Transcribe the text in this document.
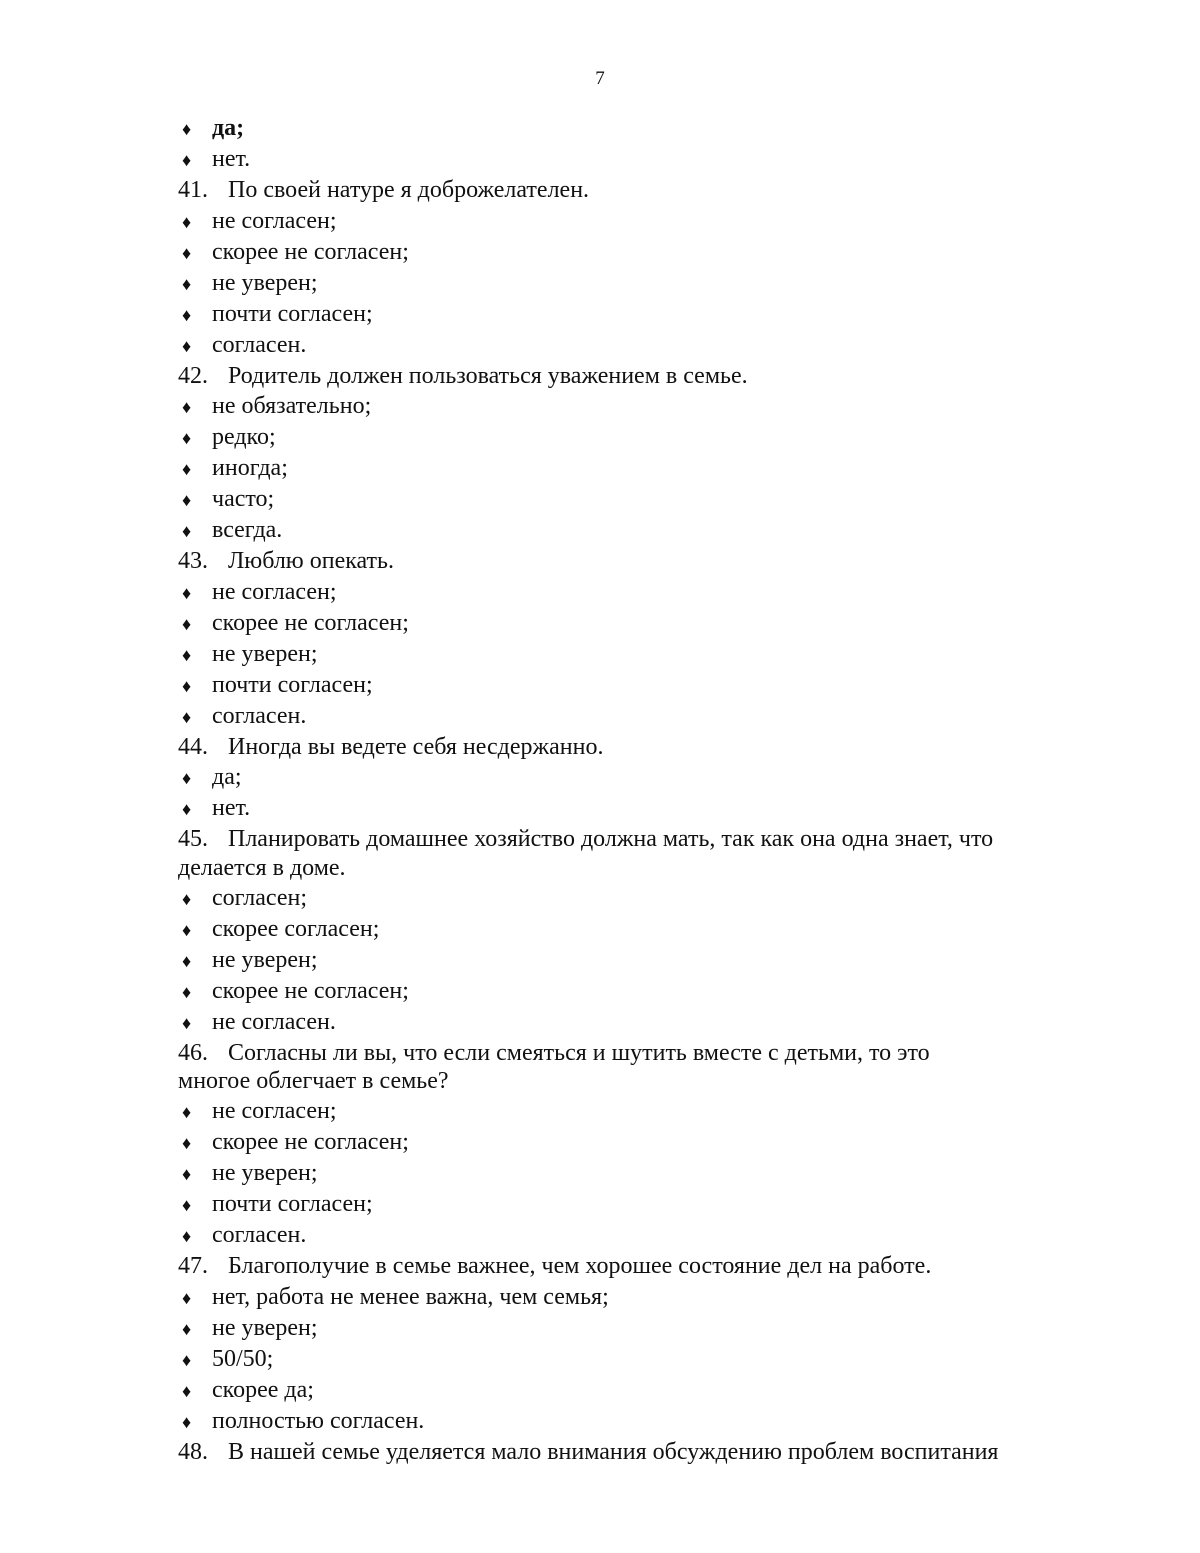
7
♦ да;
♦ нет.
41. По своей натуре я доброжелателен.
♦ не согласен;
♦ скорее не согласен;
♦ не уверен;
♦ почти согласен;
♦ согласен.
42. Родитель должен пользоваться уважением в семье.
♦ не обязательно;
♦ редко;
♦ иногда;
♦ часто;
♦ всегда.
43. Люблю опекать.
♦ не согласен;
♦ скорее не согласен;
♦ не уверен;
♦ почти согласен;
♦ согласен.
44. Иногда вы ведете себя несдержанно.
♦ да;
♦ нет.
45. Планировать домашнее хозяйство должна мать, так как она одна знает, что
делается в доме.
♦ согласен;
♦ скорее согласен;
♦ не уверен;
♦ скорее не согласен;
♦ не согласен.
46. Согласны ли вы, что если смеяться и шутить вместе с детьми, то это
многое облегчает в семье?
♦ не согласен;
♦ скорее не согласен;
♦ не уверен;
♦ почти согласен;
♦ согласен.
47. Благополучие в семье важнее, чем хорошее состояние дел на работе.
♦ нет, работа не менее важна, чем семья;
♦ не уверен;
♦ 50/50;
♦ скорее да;
♦ полностью согласен.
48. В нашей семье уделяется мало внимания обсуждению проблем воспитания
